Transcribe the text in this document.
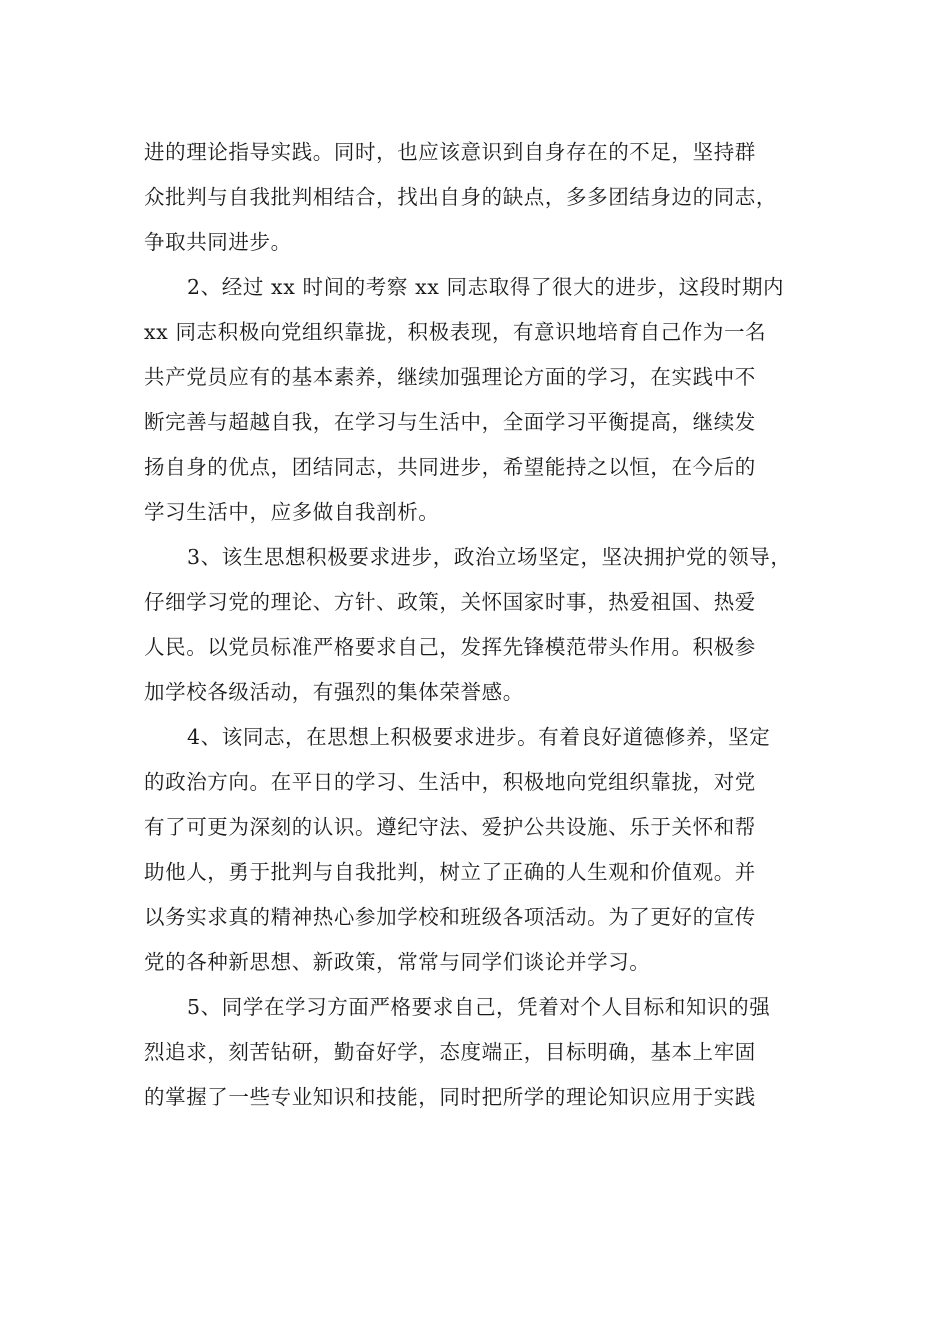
进的理论指导实践。同时，也应该意识到自身存在的不足，坚持群
众批判与自我批判相结合，找出自身的缺点，多多团结身边的同志，
争取共同进步。
2、经过 xx 时间的考察 xx 同志取得了很大的进步，这段时期内
xx 同志积极向党组织靠拢，积极表现，有意识地培育自己作为一名
共产党员应有的基本素养，继续加强理论方面的学习，在实践中不
断完善与超越自我，在学习与生活中，全面学习平衡提高，继续发
扬自身的优点，团结同志，共同进步，希望能持之以恒，在今后的
学习生活中，应多做自我剖析。
3、该生思想积极要求进步，政治立场坚定，坚决拥护党的领导，
仔细学习党的理论、方针、政策，关怀国家时事，热爱祖国、热爱
人民。以党员标准严格要求自己，发挥先锋模范带头作用。积极参
加学校各级活动，有强烈的集体荣誉感。
4、该同志，在思想上积极要求进步。有着良好道德修养，坚定
的政治方向。在平日的学习、生活中，积极地向党组织靠拢，对党
有了可更为深刻的认识。遵纪守法、爱护公共设施、乐于关怀和帮
助他人，勇于批判与自我批判，树立了正确的人生观和价值观。并
以务实求真的精神热心参加学校和班级各项活动。为了更好的宣传
党的各种新思想、新政策，常常与同学们谈论并学习。
5、同学在学习方面严格要求自己，凭着对个人目标和知识的强
烈追求，刻苦钻研，勤奋好学，态度端正，目标明确，基本上牢固
的掌握了一些专业知识和技能，同时把所学的理论知识应用于实践
